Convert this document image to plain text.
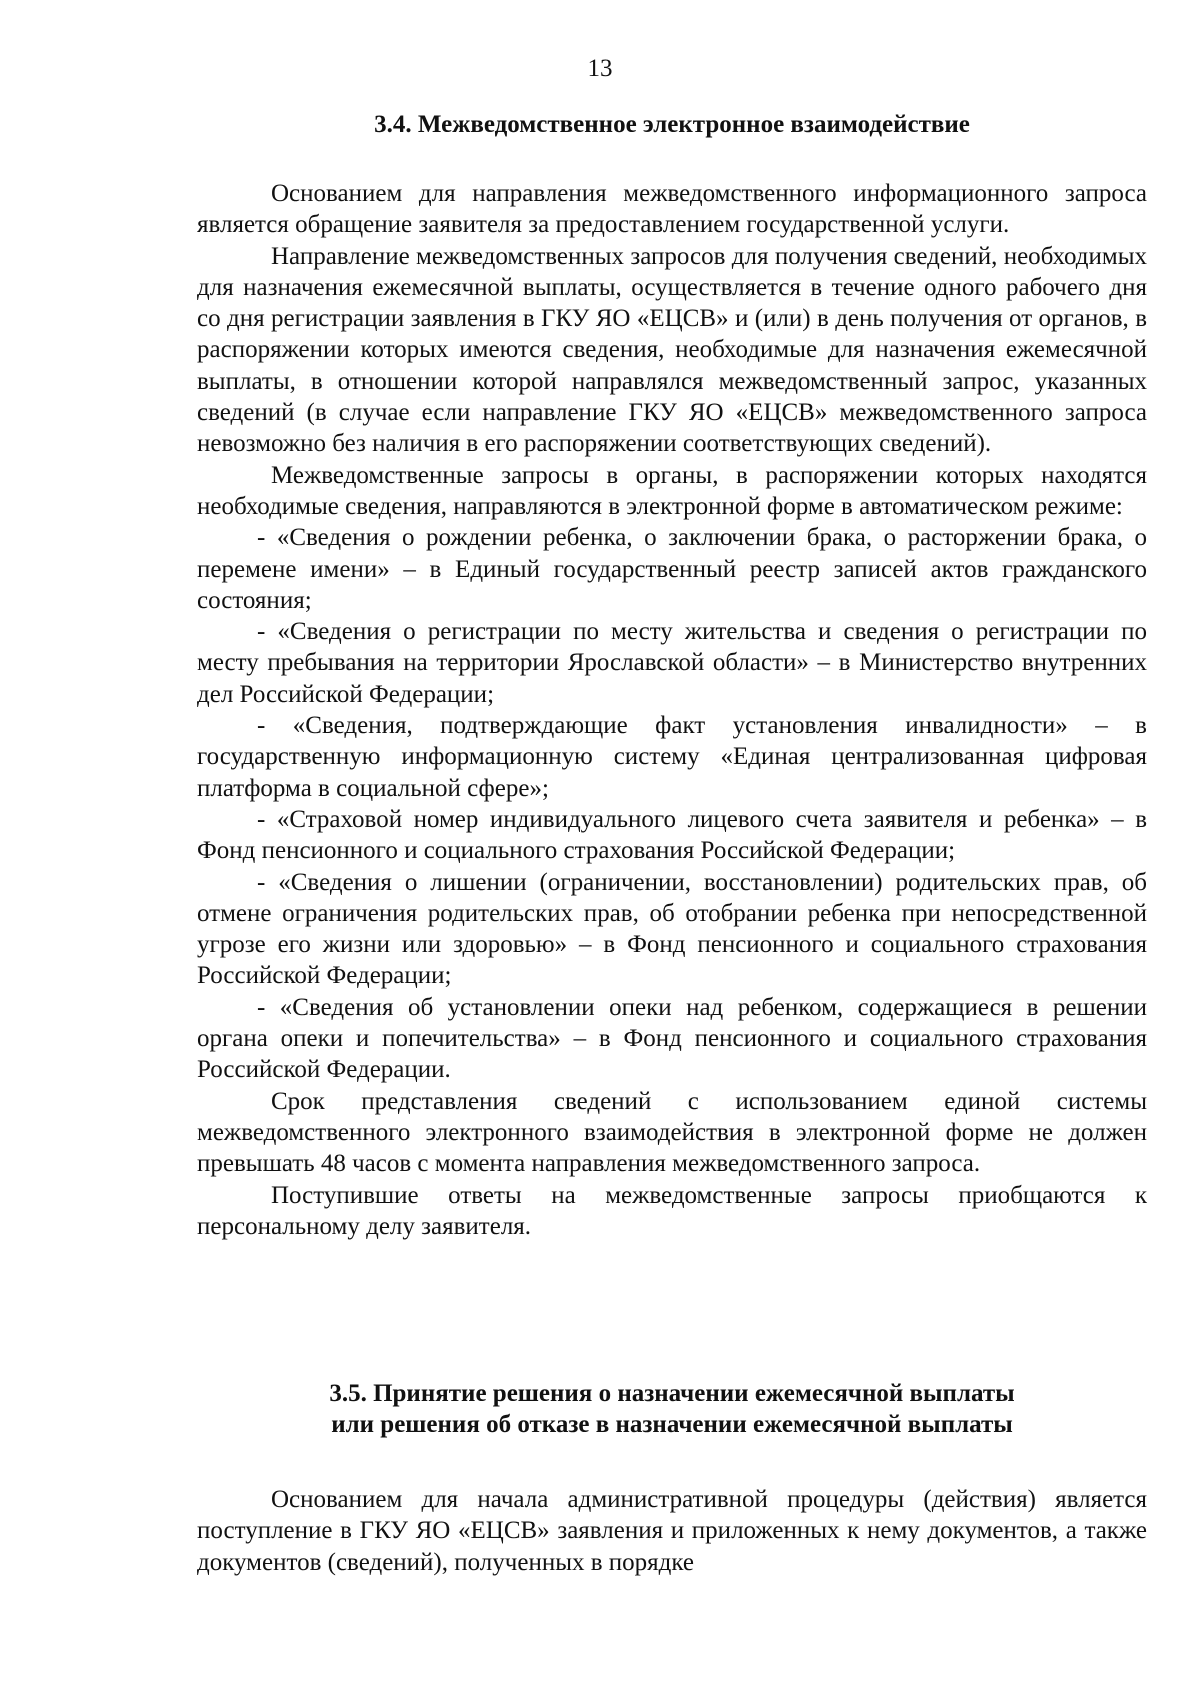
13
3.4. Межведомственное электронное взаимодействие

Основанием для направления межведомственного информационного запроса является обращение заявителя за предоставлением государственной услуги.

Направление межведомственных запросов для получения сведений, необходимых для назначения ежемесячной выплаты, осуществляется в течение одного рабочего дня со дня регистрации заявления в ГКУ ЯО «ЕЦСВ» и (или) в день получения от органов, в распоряжении которых имеются сведения, необходимые для назначения ежемесячной выплаты, в отношении которой направлялся межведомственный запрос, указанных сведений (в случае если направление ГКУ ЯО «ЕЦСВ» межведомственного запроса невозможно без наличия в его распоряжении соответствующих сведений).

Межведомственные запросы в органы, в распоряжении которых находятся необходимые сведения, направляются в электронной форме в автоматическом режиме:

- «Сведения о рождении ребенка, о заключении брака, о расторжении брака, о перемене имени» – в Единый государственный реестр записей актов гражданского состояния;

- «Сведения о регистрации по месту жительства и сведения о регистрации по месту пребывания на территории Ярославской области» – в Министерство внутренних дел Российской Федерации;

- «Сведения, подтверждающие факт установления инвалидности» – в государственную информационную систему «Единая централизованная цифровая платформа в социальной сфере»;

- «Страховой номер индивидуального лицевого счета заявителя и ребенка» – в Фонд пенсионного и социального страхования Российской Федерации;

- «Сведения о лишении (ограничении, восстановлении) родительских прав, об отмене ограничения родительских прав, об отобрании ребенка при непосредственной угрозе его жизни или здоровью» – в Фонд пенсионного и социального страхования Российской Федерации;

- «Сведения об установлении опеки над ребенком, содержащиеся в решении органа опеки и попечительства» – в Фонд пенсионного и социального страхования Российской Федерации.

Срок представления сведений с использованием единой системы межведомственного электронного взаимодействия в электронной форме не должен превышать 48 часов с момента направления межведомственного запроса.

Поступившие ответы на межведомственные запросы приобщаются к персональному делу заявителя.

3.5. Принятие решения о назначении ежемесячной выплаты
или решения об отказе в назначении ежемесячной выплаты

Основанием для начала административной процедуры (действия) является поступление в ГКУ ЯО «ЕЦСВ» заявления и приложенных к нему документов, а также документов (сведений), полученных в порядке
